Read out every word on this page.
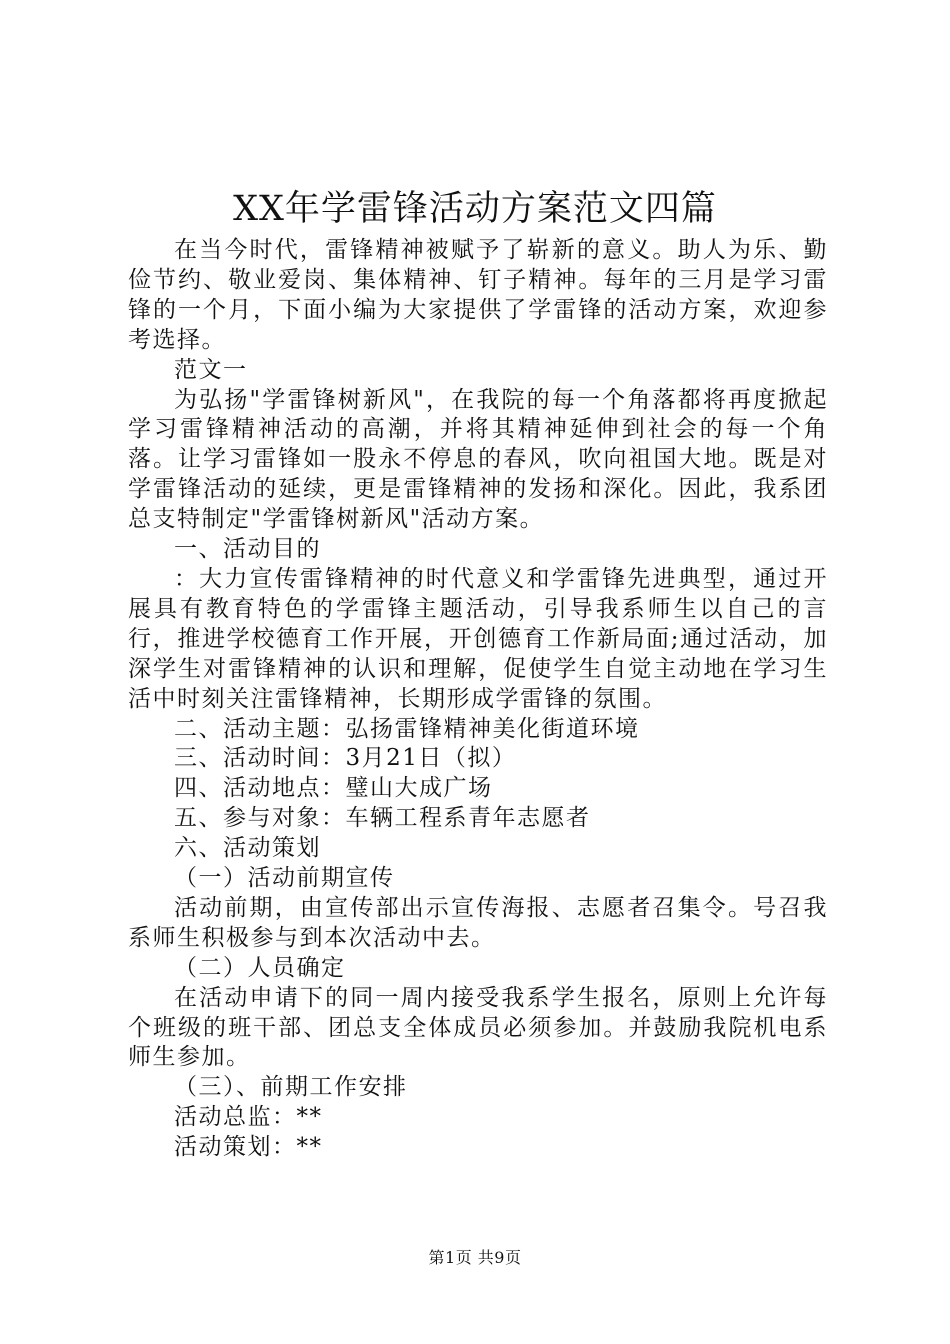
XX年学雷锋活动方案范文四篇

在当今时代，雷锋精神被赋予了崭新的意义。助人为乐、勤俭节约、敬业爱岗、集体精神、钉子精神。每年的三月是学习雷锋的一个月，下面小编为大家提供了学雷锋的活动方案，欢迎参考选择。

范文一

为弘扬"学雷锋树新风"，在我院的每一个角落都将再度掀起学习雷锋精神活动的高潮，并将其精神延伸到社会的每一个角落。让学习雷锋如一股永不停息的春风，吹向祖国大地。既是对学雷锋活动的延续，更是雷锋精神的发扬和深化。因此，我系团总支特制定"学雷锋树新风"活动方案。

一、活动目的

：大力宣传雷锋精神的时代意义和学雷锋先进典型，通过开展具有教育特色的学雷锋主题活动，引导我系师生以自己的言行，推进学校德育工作开展，开创德育工作新局面;通过活动，加深学生对雷锋精神的认识和理解，促使学生自觉主动地在学习生活中时刻关注雷锋精神，长期形成学雷锋的氛围。

二、活动主题：弘扬雷锋精神美化街道环境

三、活动时间：3月21日（拟）

四、活动地点：璧山大成广场

五、参与对象：车辆工程系青年志愿者

六、活动策划

（一）活动前期宣传

活动前期，由宣传部出示宣传海报、志愿者召集令。号召我系师生积极参与到本次活动中去。

（二）人员确定

在活动申请下的同一周内接受我系学生报名，原则上允许每个班级的班干部、团总支全体成员必须参加。并鼓励我院机电系师生参加。

（三）、前期工作安排

活动总监：**

活动策划：**

第1页 共9页
